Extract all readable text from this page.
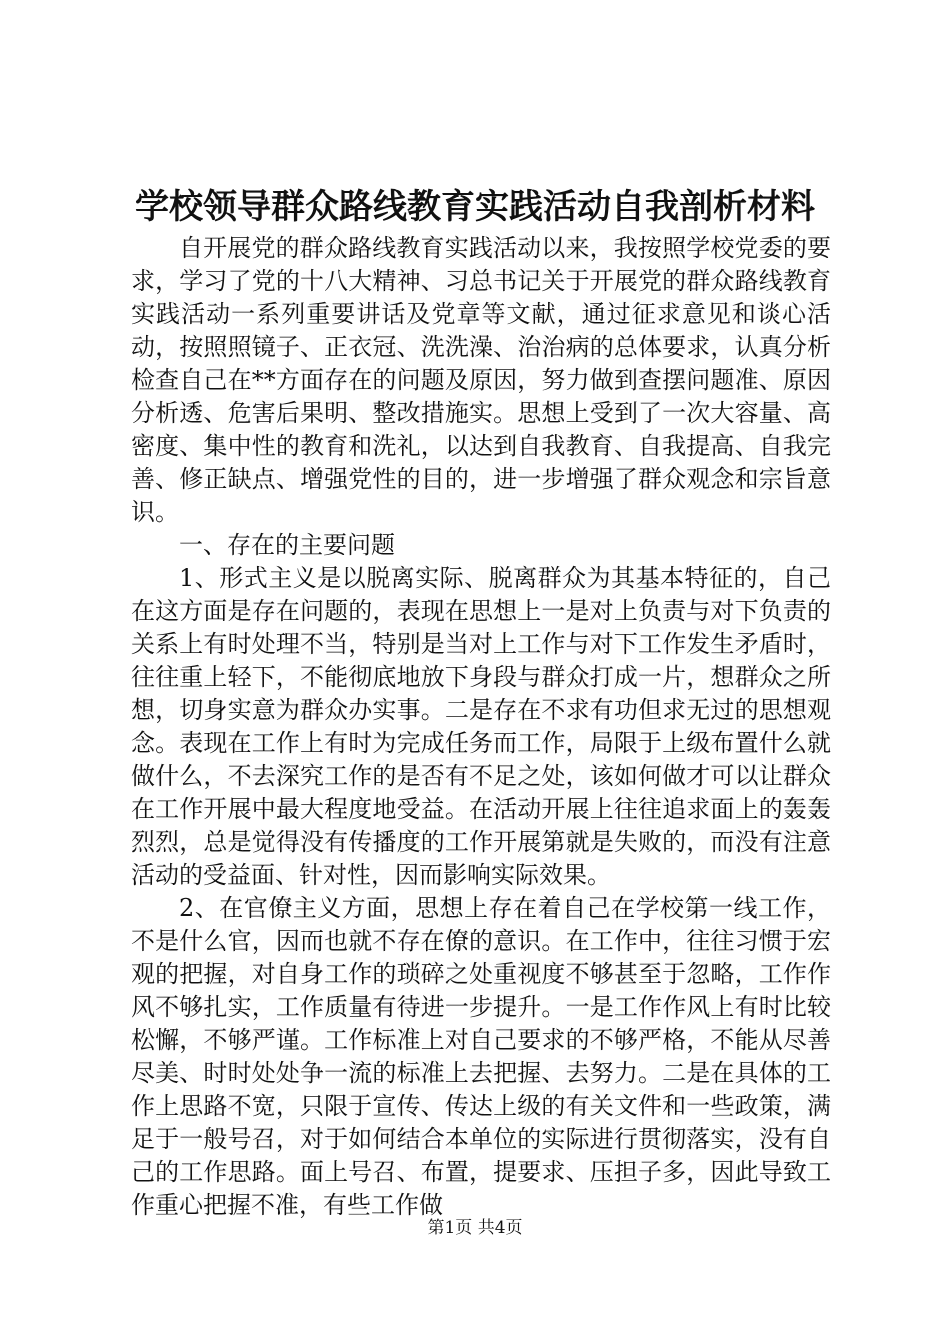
学校领导群众路线教育实践活动自我剖析材料

自开展党的群众路线教育实践活动以来，我按照学校党委的要求，学习了党的十八大精神、习总书记关于开展党的群众路线教育实践活动一系列重要讲话及党章等文献，通过征求意见和谈心活动，按照照镜子、正衣冠、洗洗澡、治治病的总体要求，认真分析检查自己在**方面存在的问题及原因，努力做到查摆问题准、原因分析透、危害后果明、整改措施实。思想上受到了一次大容量、高密度、集中性的教育和洗礼，以达到自我教育、自我提高、自我完善、修正缺点、增强党性的目的，进一步增强了群众观念和宗旨意识。

一、存在的主要问题

1、形式主义是以脱离实际、脱离群众为其基本特征的，自己在这方面是存在问题的，表现在思想上一是对上负责与对下负责的关系上有时处理不当，特别是当对上工作与对下工作发生矛盾时，往往重上轻下，不能彻底地放下身段与群众打成一片，想群众之所想，切身实意为群众办实事。二是存在不求有功但求无过的思想观念。表现在工作上有时为完成任务而工作，局限于上级布置什么就做什么，不去深究工作的是否有不足之处，该如何做才可以让群众在工作开展中最大程度地受益。在活动开展上往往追求面上的轰轰烈烈，总是觉得没有传播度的工作开展第就是失败的，而没有注意活动的受益面、针对性，因而影响实际效果。

2、在官僚主义方面，思想上存在着自己在学校第一线工作，不是什么官，因而也就不存在僚的意识。在工作中，往往习惯于宏观的把握，对自身工作的琐碎之处重视度不够甚至于忽略，工作作风不够扎实，工作质量有待进一步提升。一是工作作风上有时比较松懈，不够严谨。工作标准上对自己要求的不够严格，不能从尽善尽美、时时处处争一流的标准上去把握、去努力。二是在具体的工作上思路不宽，只限于宣传、传达上级的有关文件和一些政策，满足于一般号召，对于如何结合本单位的实际进行贯彻落实，没有自己的工作思路。面上号召、布置，提要求、压担子多，因此导致工作重心把握不准，有些工作做

第1页 共4页
